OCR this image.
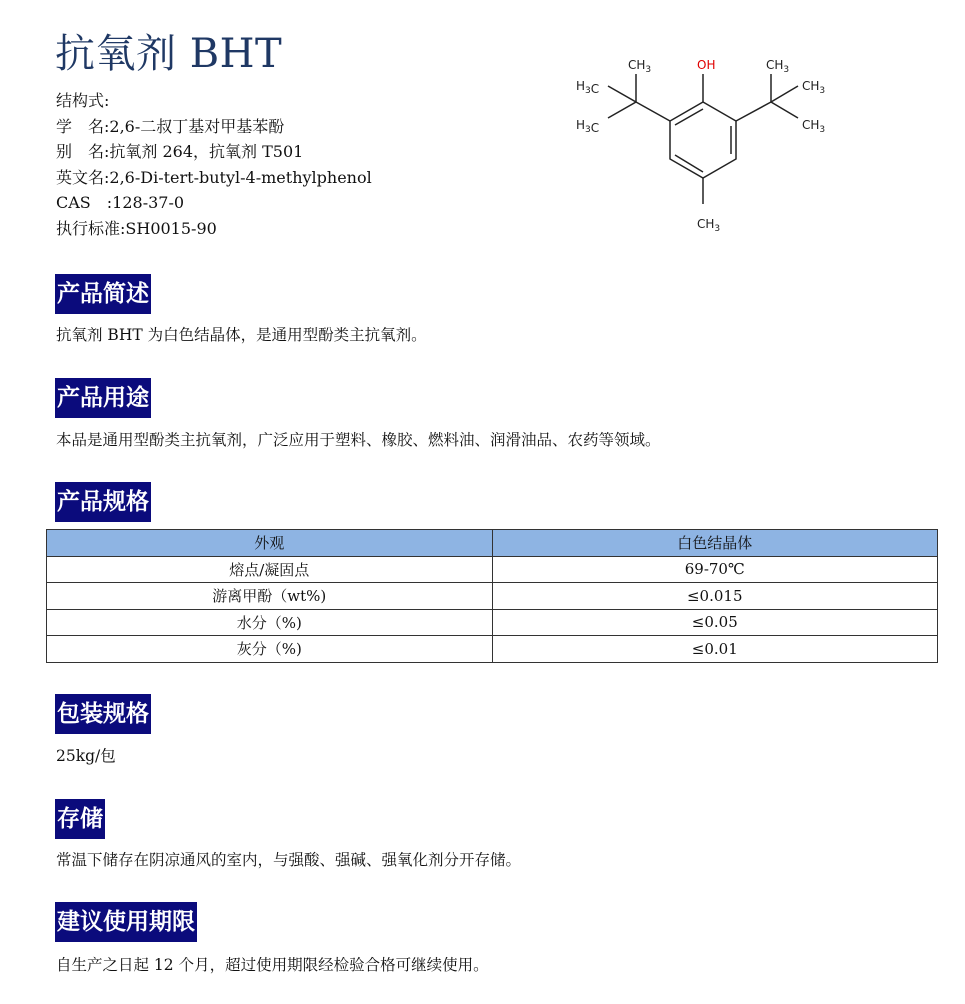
抗氧剂 BHT
结构式:
学　名:2,6-二叔丁基对甲基苯酚
别　名:抗氧剂 264，抗氧剂 T501
英文名:2,6-Di-tert-butyl-4-methylphenol
CAS　:128-37-0
执行标准:SH0015-90
OH
$CH_3$
$H_3C$
$H_3C$
$CH_3$
$CH_3$
$CH_3$
$CH_3$
产品简述
抗氧剂 BHT 为白色结晶体，是通用型酚类主抗氧剂。
产品用途
本品是通用型酚类主抗氧剂，广泛应用于塑料、橡胶、燃料油、润滑油品、农药等领域。
产品规格
外观	白色结晶体
熔点/凝固点	69-70℃
游离甲酚（wt%)	≤0.015
水分（%)	≤0.05
灰分（%)	≤0.01
包装规格
25kg/包
存储
常温下储存在阴凉通风的室内，与强酸、强碱、强氧化剂分开存储。
建议使用期限
自生产之日起 12 个月，超过使用期限经检验合格可继续使用。
